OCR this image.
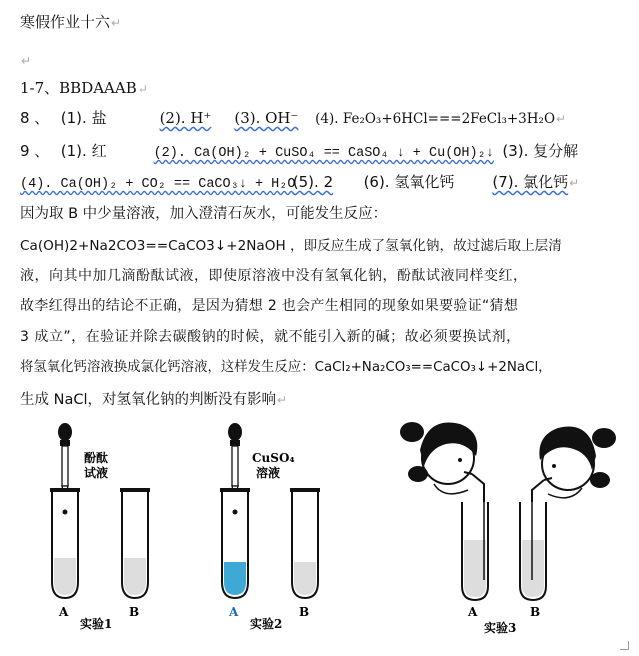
寒假作业十六↵
↵
1-7、BBDAAAB↵
8 、 (1). 盐	(2). H⁺ (3). OH⁻ (4). Fe₂O₃+6HCl===2FeCl₃+3H₂O↵
9 、 (1). 红	(2). Ca(OH)₂ + CuSO₄ == CaSO₄ ↓ + Cu(OH)₂↓ (3). 复分解
(4). Ca(OH)₂ + CO₂ == CaCO₃↓ + H₂O (5). 2 (6). 氢氧化钙	(7). 氯化钙↵
因为取 B 中少量溶液，加入澄清石灰水，可能发生反应：
Ca(OH)2+Na2CO3==CaCO3↓+2NaOH ，即反应生成了氢氧化钠，故过滤后取上层清
液，向其中加几滴酚酞试液，即使原溶液中没有氢氧化钠，酚酞试液同样变红，
故李红得出的结论不正确，是因为猜想 2 也会产生相同的现象如果要验证“猜想
3 成立”，在验证并除去碳酸钠的时候，就不能引入新的碱；故必须要换试剂，
将氢氧化钙溶液换成氯化钙溶液，这样发生反应：CaCl₂+Na₂CO₃==CaCO₃↓+2NaCl，
生成 NaCl，对氢氧化钠的判断没有影响↵
酚酞
试液
A	B
实验1
CuSO₄
溶液
A	B
实验2
A	B
实验3
